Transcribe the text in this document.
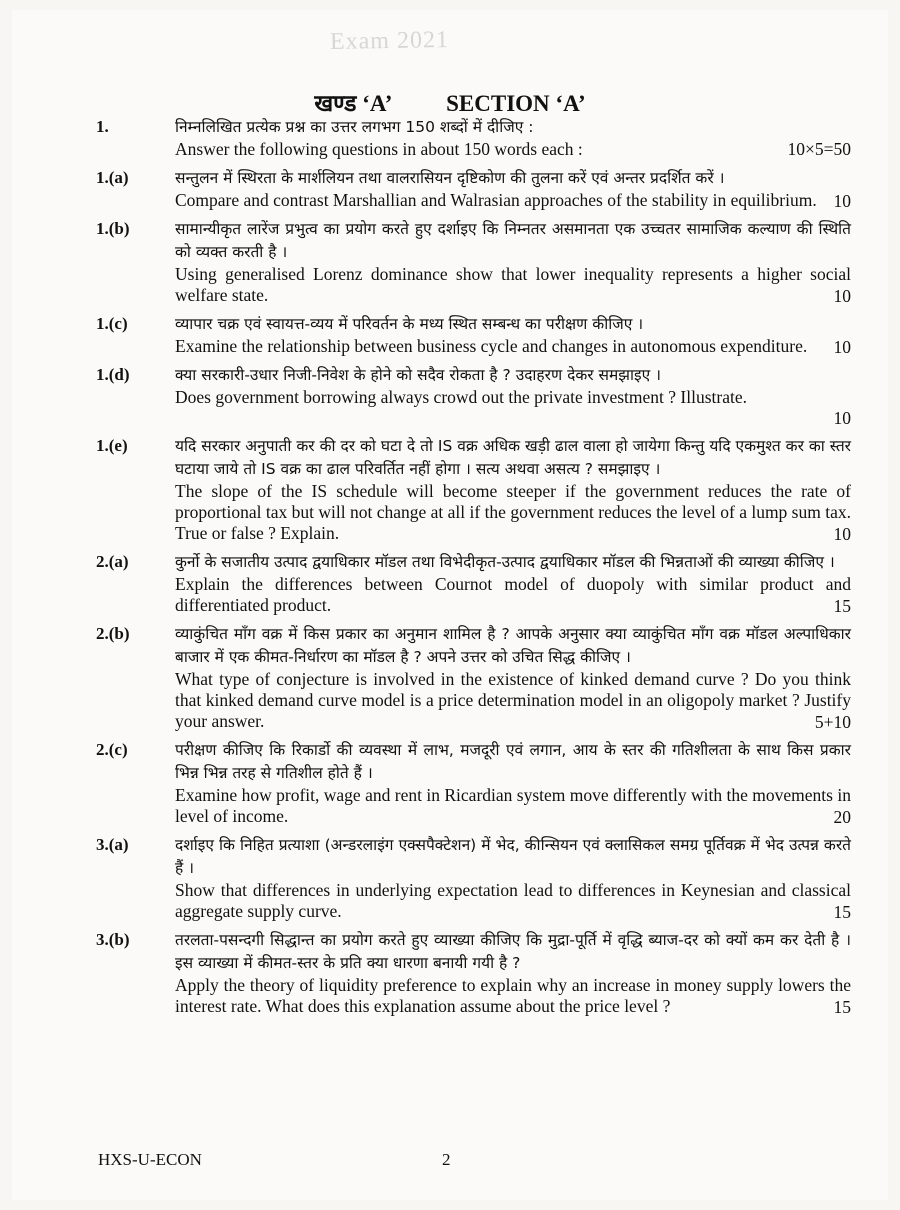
Exam 2021
खण्ड ‘A’ SECTION ‘A’
1.	निम्नलिखित प्रत्येक प्रश्न का उत्तर लगभग 150 शब्दों में दीजिए :
Answer the following questions in about 150 words each :	10×5=50
1.(a)	सन्तुलन में स्थिरता के मार्शलियन तथा वालरासियन दृष्टिकोण की तुलना करें एवं अन्तर प्रदर्शित करें ।
Compare and contrast Marshallian and Walrasian approaches of the stability in equilibrium. 10
1.(b)	सामान्यीकृत लारेंज प्रभुत्व का प्रयोग करते हुए दर्शाइए कि निम्नतर असमानता एक उच्चतर सामाजिक कल्याण की स्थिति को व्यक्त करती है ।
Using generalised Lorenz dominance show that lower inequality represents a higher social welfare state.	10
1.(c)	व्यापार चक्र एवं स्वायत्त-व्यय में परिवर्तन के मध्य स्थित सम्बन्ध का परीक्षण कीजिए ।
Examine the relationship between business cycle and changes in autonomous expenditure.	10
1.(d)	क्या सरकारी-उधार निजी-निवेश के होने को सदैव रोकता है ? उदाहरण देकर समझाइए ।
Does government borrowing always crowd out the private investment ? Illustrate.
10
1.(e)	यदि सरकार अनुपाती कर की दर को घटा दे तो IS वक्र अधिक खड़ी ढाल वाला हो जायेगा किन्तु यदि एकमुश्त कर का स्तर घटाया जाये तो IS वक्र का ढाल परिवर्तित नहीं होगा । सत्य अथवा असत्य ? समझाइए ।
The slope of the IS schedule will become steeper if the government reduces the rate of proportional tax but will not change at all if the government reduces the level of a lump sum tax. True or false ? Explain.	10
2.(a)	कुर्नो के सजातीय उत्पाद द्वयाधिकार मॉडल तथा विभेदीकृत-उत्पाद द्वयाधिकार मॉडल की भिन्नताओं की व्याख्या कीजिए ।
Explain the differences between Cournot model of duopoly with similar product and differentiated product.	15
2.(b)	व्याकुंचित माँग वक्र में किस प्रकार का अनुमान शामिल है ? आपके अनुसार क्या व्याकुंचित माँग वक्र मॉडल अल्पाधिकार बाजार में एक कीमत-निर्धारण का मॉडल है ? अपने उत्तर को उचित सिद्ध कीजिए ।
What type of conjecture is involved in the existence of kinked demand curve ? Do you think that kinked demand curve model is a price determination model in an oligopoly market ? Justify your answer.	5+10
2.(c)	परीक्षण कीजिए कि रिकार्डो की व्यवस्था में लाभ, मजदूरी एवं लगान, आय के स्तर की गतिशीलता के साथ किस प्रकार भिन्न भिन्न तरह से गतिशील होते हैं ।
Examine how profit, wage and rent in Ricardian system move differently with the movements in level of income.	20
3.(a)	दर्शाइए कि निहित प्रत्याशा (अन्डरलाइंग एक्सपैक्टेशन) में भेद, कीन्सियन एवं क्लासिकल समग्र पूर्तिवक्र में भेद उत्पन्न करते हैं ।
Show that differences in underlying expectation lead to differences in Keynesian and classical aggregate supply curve.	15
3.(b)	तरलता-पसन्दगी सिद्धान्त का प्रयोग करते हुए व्याख्या कीजिए कि मुद्रा-पूर्ति में वृद्धि ब्याज-दर को क्यों कम कर देती है । इस व्याख्या में कीमत-स्तर के प्रति क्या धारणा बनायी गयी है ?
Apply the theory of liquidity preference to explain why an increase in money supply lowers the interest rate. What does this explanation assume about the price level ?	15
HXS-U-ECON	2
